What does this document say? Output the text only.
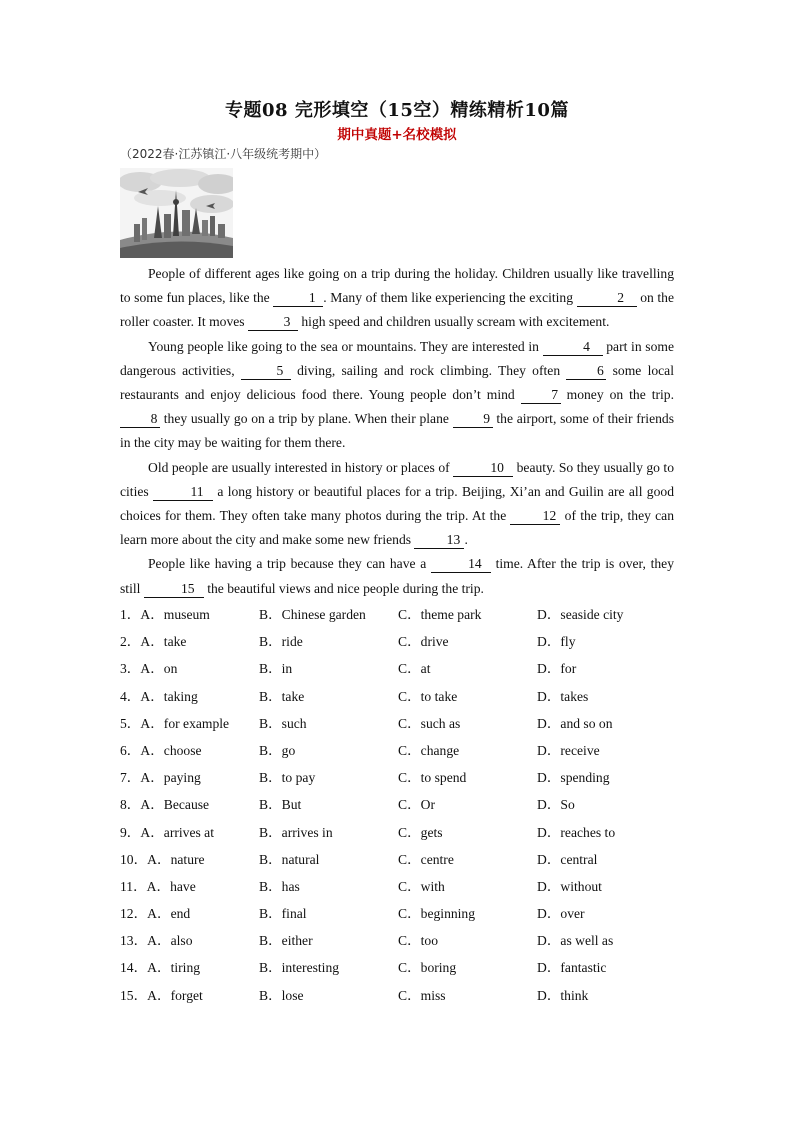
专题08 完形填空（15空）精练精析10篇
期中真题+名校模拟
（2022春·江苏镇江·八年级统考期中）

People of different ages like going on a trip during the holiday. Children usually like travelling to some fun places, like the	1 . Many of them like experiencing the exciting	2 on the roller coaster. It moves	3 high speed and children usually scream with excitement.

Young people like going to the sea or mountains. They are interested in	4 part in some dangerous activities,	5 diving, sailing and rock climbing. They often 6 some local restaurants and enjoy delicious food there. Young people don’t mind 7 money on the trip. 8 they usually go on a trip by plane. When their plane 9 the airport, some of their friends in the city may be waiting for them there.

Old people are usually interested in history or places of	10 beauty. So they usually go to cities	11 a long history or beautiful places for a trip. Beijing, Xi’an and Guilin are all good choices for them. They often take many photos during the trip. At the 12 of the trip, they can learn more about the city and make some new friends 13 .

People like having a trip because they can have a	14 time. After the trip is over, they still	15 the beautiful views and nice people during the trip.

1．A．museum	B．Chinese garden	C．theme park	D．seaside city
2．A．take	B．ride	C．drive	D．fly
3．A．on	B．in	C．at	D．for
4．A．taking	B．take	C．to take	D．takes
5．A．for example	B．such	C．such as	D．and so on
6．A．choose	B．go	C．change	D．receive
7．A．paying	B．to pay	C．to spend	D．spending
8．A．Because	B．But	C．Or	D．So
9．A．arrives at	B．arrives in	C．gets	D．reaches to
10．A．nature	B．natural	C．centre	D．central
11．A．have	B．has	C．with	D．without
12．A．end	B．final	C．beginning	D．over
13．A．also	B．either	C．too	D．as well as
14．A．tiring	B．interesting	C．boring	D．fantastic
15．A．forget	B．lose	C．miss	D．think
